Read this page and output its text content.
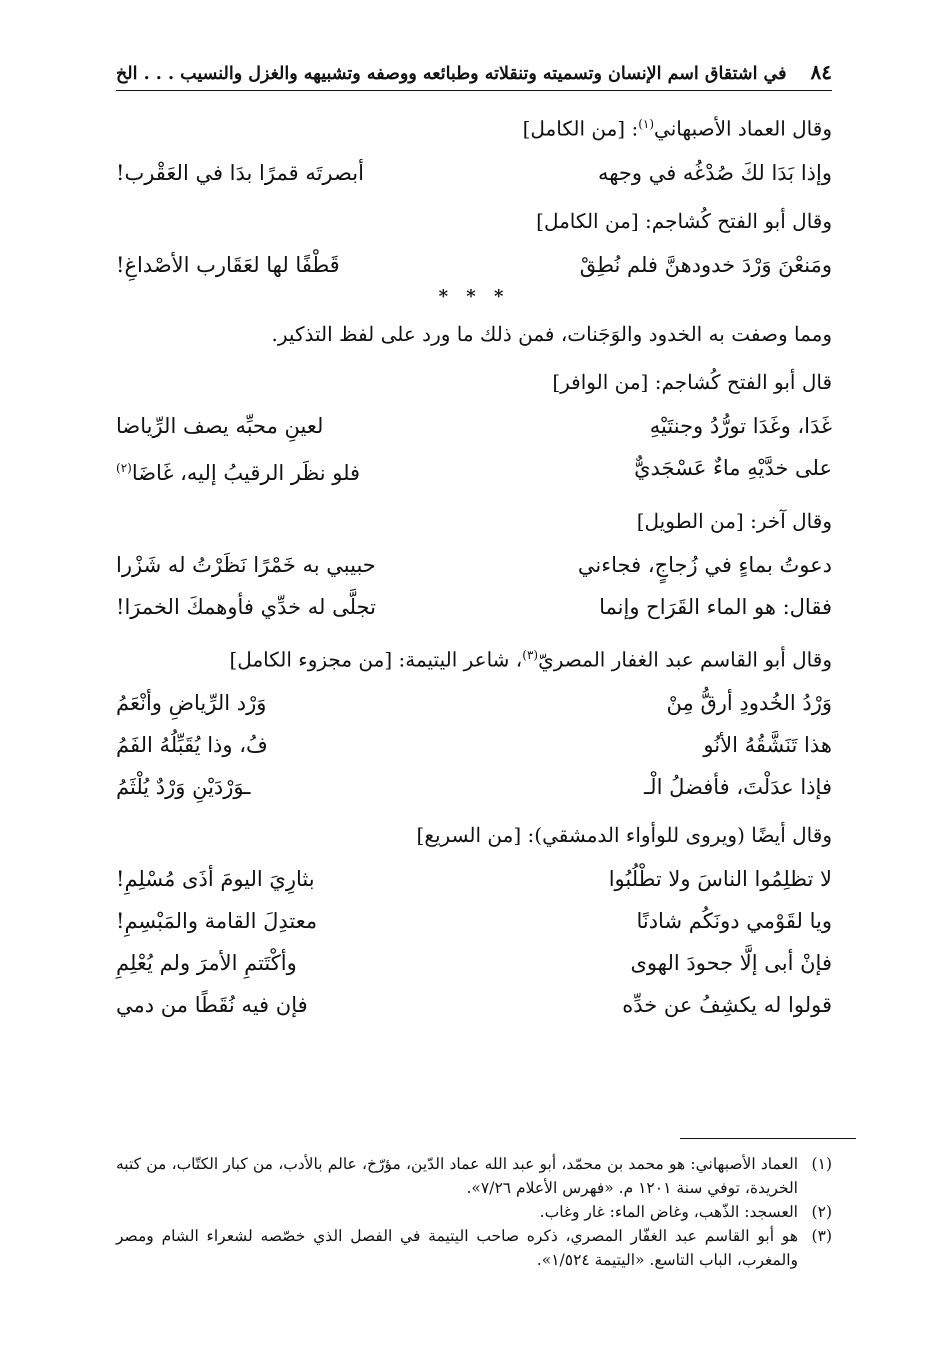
٨٤
في اشتقاق اسم الإنسان وتسميته وتنقلاته وطبائعه ووصفه وتشبيهه والغزل والنسيب . . . الخ

وقال العماد الأصبهاني$^{(١)}$: [من الكامل]

وإذا بَدَا لكَ صُدْغُه في وجهه
أبصرتَه قمرًا بدَا في العَقْرب!

وقال أبو الفتح كُشاجم: [من الكامل]

ومَنعْنَ وَرْدَ خدودهنَّ فلم نُطِقْ
قَطْفًا لها لعَقَارب الأصْداغِ!
* * *

ومما وصفت به الخدود والوَجَنات، فمن ذلك ما ورد على لفظ التذكير.

قال أبو الفتح كُشاجم: [من الوافر]

غَدَا، وغَدَا تورُّدُ وجنتَيْهِ
لعينِ محبِّه يصف الرِّياضا
على خدَّيْهِ ماءٌ عَسْجَديٌّ
فلو نظَر الرقيبُ إليه، غَاضَا$^{(٢)}$

وقال آخر: [من الطويل]

دعوتُ بماءٍ في زُجاجٍ، فجاءني
حبيبي به خَمْرًا نَظَرْتُ له شَزْرا
فقال: هو الماء القَرَاح وإنما
تجلَّى له خدِّي فأوهمكَ الخمرَا!

وقال أبو القاسم عبد الغفار المصريّ$^{(٣)}$، شاعر اليتيمة: [من مجزوء الكامل]

وَرْدُ الخُدودِ أرقُّ مِنْ
وَرْد الرِّياضِ وأنْعَمُ
هذا تَنَشَّقُهُ الأنُو
فُ، وذا يُقَبِّلُهُ الفَمُ
فإذا عدَلْتَ، فأفضلُ الْـ
ـوَرْدَيْنِ وَرْدٌ يُلْثَمُ

وقال أيضًا (ويروى للوأواء الدمشقي): [من السريع]

لا تظلِمُوا الناسَ ولا تطْلُبُوا
بثارِيَ اليومَ أذَى مُسْلِمِ!
ويا لقَوْمي دونَكُم شادنًا
معتدِلَ القامة والمَبْسِمِ!
فإنْ أبى إلَّا جحودَ الهوى
وأكْتَتمِ الأمرَ ولم يُعْلِمِ
قولوا له يكشِفُ عن خدِّه
فإن فيه نُقَطًا من دمي
(١)
العماد الأصبهاني: هو محمد بن محمّد، أبو عبد الله عماد الدّين، مؤرّخ، عالم بالأدب، من كبار الكتّاب، من كتبه الخريدة، توفي سنة ١٢٠١ م. «فهرس الأعلام ٧/٢٦».
(٢)
العسجد: الذّهب، وغاض الماء: غار وغاب.
(٣)
هو أبو القاسم عبد الغفّار المصري، ذكره صاحب اليتيمة في الفصل الذي خصّصه لشعراء الشام ومصر والمغرب، الباب التاسع. «اليتيمة ١/٥٢٤».
